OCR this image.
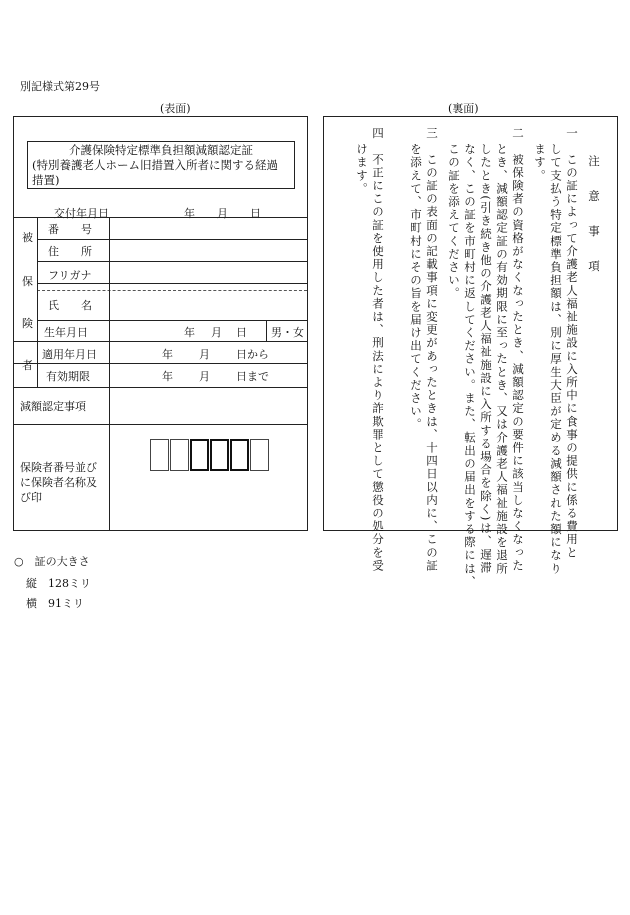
別記様式第29号
(表面)	(裏面)
介護保険特定標準負担額減額認定証
(特別養護老人ホーム旧措置入所者に関する経過
措置)
交付年月日	年 月 日
被
保
険
者
番　　号
住　　所
フリガナ
氏　　名
生年月日	年 月 日 男・女
適用年月日	年 月 日から
有効期限	年 月 日まで
減額認定事項
保険者番号並び
に保険者名称及
び印
注　意　事　項
一　この証によって介護老人福祉施設に入所中に食事の提供に係る費用と
して支払う特定標準負担額は、別に厚生大臣が定める減額された額になり
ます。
二　被保険者の資格がなくなったとき、減額認定の要件に該当しなくなった
とき、減額認定証の有効期限に至ったとき、又は介護老人福祉施設を退所
したとき(引き続き他の介護老人福祉施設に入所する場合を除く)は、遅滞
なく、この証を市町村に返してください。また、転出の届出をする際には、
この証を添えてください。
三　この証の表面の記載事項に変更があったときは、十四日以内に、この証
を添えて、市町村にその旨を届け出てください。
四　不正にこの証を使用した者は、刑法により詐欺罪として懲役の処分を受
けます。
○　証の大きさ
縦　128ミリ
横　91ミリ
